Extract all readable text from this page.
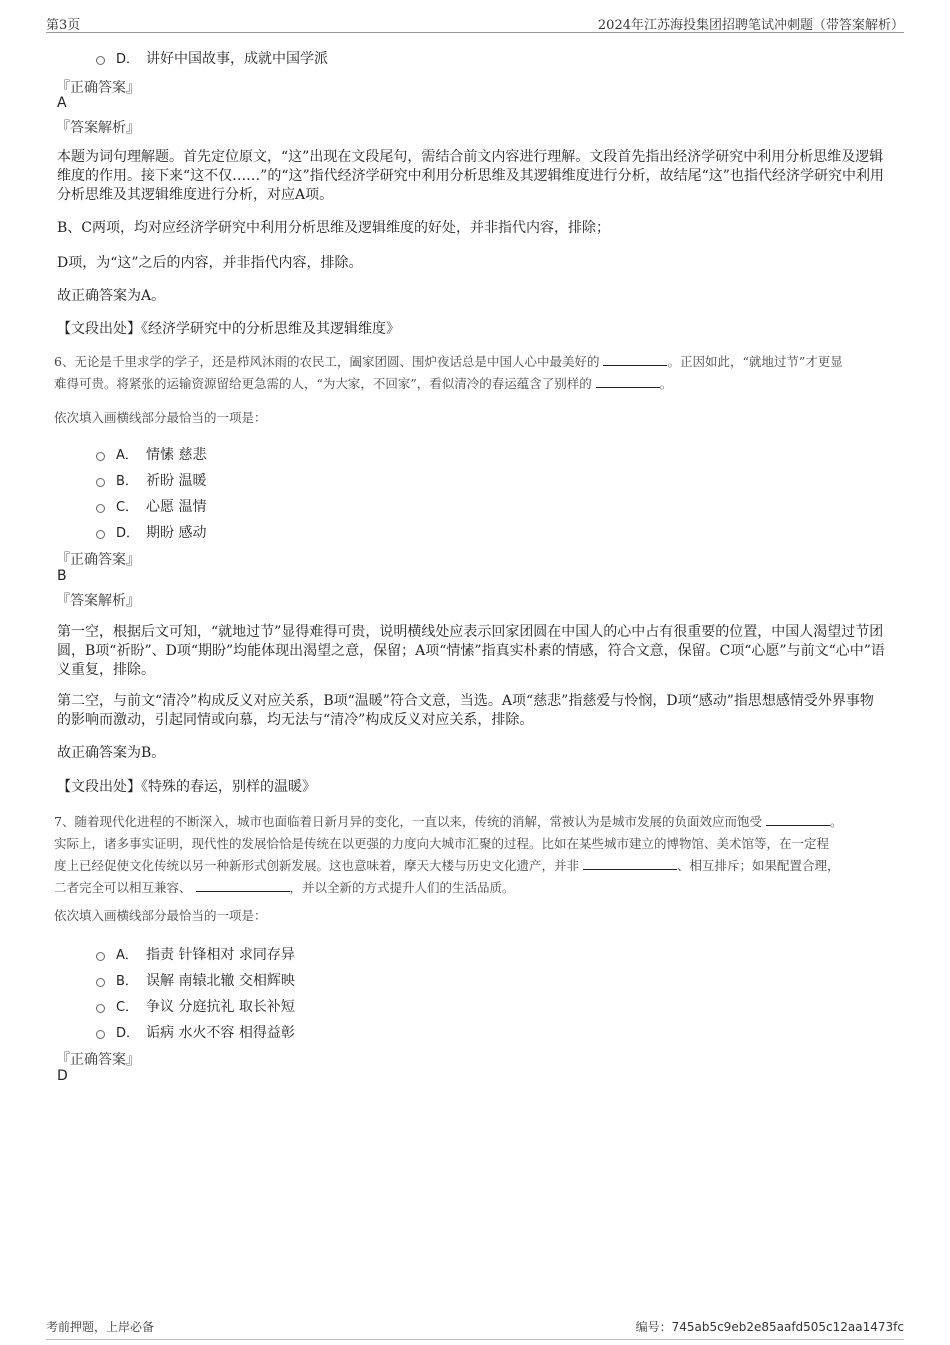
第3页	2024年江苏海投集团招聘笔试冲刺题（带答案解析）
D． 讲好中国故事，成就中国学派
『正确答案』
A
『答案解析』
本题为词句理解题。首先定位原文，“这”出现在文段尾句，需结合前文内容进行理解。文段首先指出经济学研究中利用分析思维及逻辑维度的作用。接下来“这不仅……”的“这”指代经济学研究中利用分析思维及其逻辑维度进行分析，故结尾“这”也指代经济学研究中利用分析思维及其逻辑维度进行分析，对应A项。
B、C两项，均对应经济学研究中利用分析思维及逻辑维度的好处，并非指代内容，排除；
D项，为“这”之后的内容，并非指代内容，排除。
故正确答案为A。
【文段出处】《经济学研究中的分析思维及其逻辑维度》
6、无论是千里求学的学子，还是栉风沐雨的农民工，阖家团圆、围炉夜话总是中国人心中最美好的	。正因如此，“就地过节”才更显
难得可贵。将紧张的运输资源留给更急需的人，“为大家，不回家”，看似清冷的春运蕴含了别样的	。
依次填入画横线部分最恰当的一项是：
A． 情愫 慈悲
B． 祈盼 温暖
C． 心愿 温情
D． 期盼 感动
『正确答案』
B
『答案解析』
第一空，根据后文可知，“就地过节”显得难得可贵，说明横线处应表示回家团圆在中国人的心中占有很重要的位置，中国人渴望过节团圆，B项“祈盼”、D项“期盼”均能体现出渴望之意，保留；A项“情愫”指真实朴素的情感，符合文意，保留。C项“心愿”与前文“心中”语义重复，排除。
第二空，与前文“清冷”构成反义对应关系，B项“温暖”符合文意，当选。A项“慈悲”指慈爱与怜悯，D项“感动”指思想感情受外界事物的影响而激动，引起同情或向慕，均无法与“清冷”构成反义对应关系，排除。
故正确答案为B。
【文段出处】《特殊的春运，别样的温暖》
7、随着现代化进程的不断深入，城市也面临着日新月异的变化，一直以来，传统的消解，常被认为是城市发展的负面效应而饱受	。
实际上，诸多事实证明，现代性的发展恰恰是传统在以更强的力度向大城市汇聚的过程。比如在某些城市建立的博物馆、美术馆等，在一定程
度上已经促使文化传统以另一种新形式创新发展。这也意味着，摩天大楼与历史文化遗产，并非	、相互排斥；如果配置合理，
二者完全可以相互兼容、	，并以全新的方式提升人们的生活品质。
依次填入画横线部分最恰当的一项是：
A． 指责 针锋相对 求同存异
B． 误解 南辕北辙 交相辉映
C． 争议 分庭抗礼 取长补短
D． 诟病 水火不容 相得益彰
『正确答案』
D
考前押题，上岸必备	编号：745ab5c9eb2e85aafd505c12aa1473fc
